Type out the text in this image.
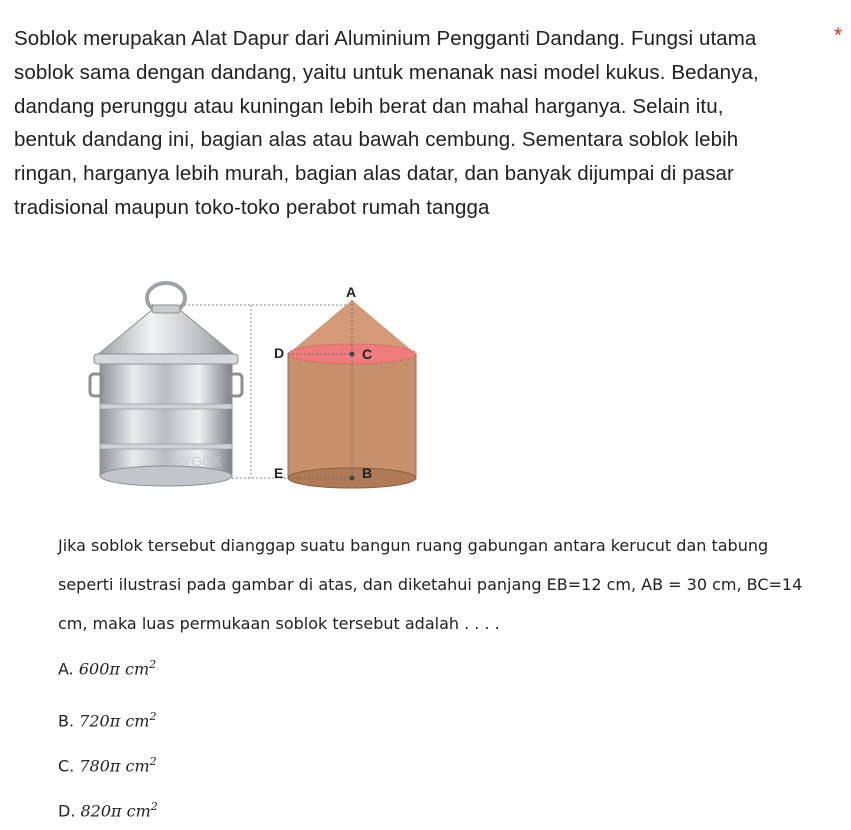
Soblok merupakan Alat Dapur dari Aluminium Pengganti Dandang. Fungsi utama
soblok sama dengan dandang, yaitu untuk menanak nasi model kukus. Bedanya,
dandang perunggu atau kuningan lebih berat dan mahal harganya. Selain itu,
bentuk dandang ini, bagian alas atau bawah cembung. Sementara soblok lebih
ringan, harganya lebih murah, bagian alas datar, dan banyak dijumpai di pasar
tradisional maupun toko-toko perabot rumah tangga
*
YGCK
A
D	C
E	B
Jika soblok tersebut dianggap suatu bangun ruang gabungan antara kerucut dan tabung
seperti ilustrasi pada gambar di atas, dan diketahui panjang EB=12 cm, AB = 30 cm, BC=14
cm, maka luas permukaan soblok tersebut adalah . . . .
A. 600π $cm^2$
B. 720π $cm^2$
C. 780π $cm^2$
D. 820π $cm^2$
